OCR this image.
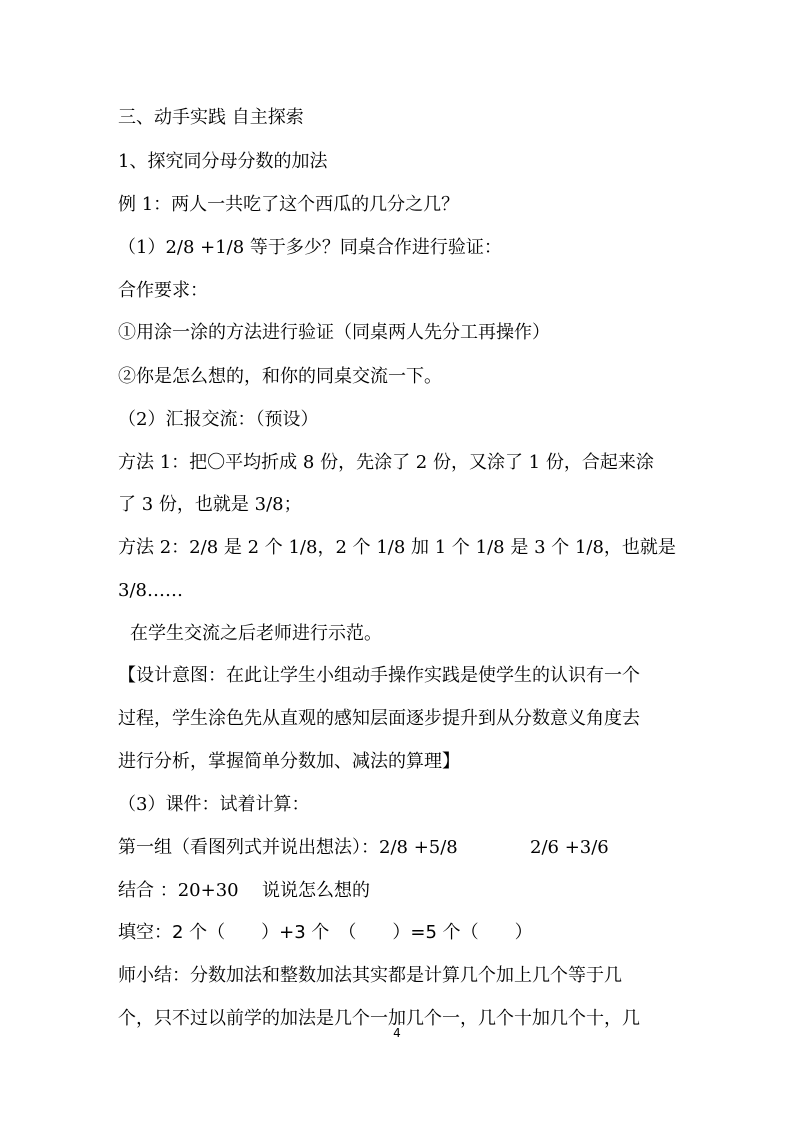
三、动手实践 自主探索
1、探究同分母分数的加法
例 1：两人一共吃了这个西瓜的几分之几？
（1）2/8 +1/8 等于多少？同桌合作进行验证：
合作要求：
①用涂一涂的方法进行验证（同桌两人先分工再操作）
②你是怎么想的，和你的同桌交流一下。
（2）汇报交流：（预设）
方法 1：把〇平均折成 8 份，先涂了 2 份，又涂了 1 份，合起来涂
了 3 份，也就是 3/8；
方法 2：2/8 是 2 个 1/8，2 个 1/8 加 1 个 1/8 是 3 个 1/8，也就是
3/8……
在学生交流之后老师进行示范。
【设计意图：在此让学生小组动手操作实践是使学生的认识有一个
过程，学生涂色先从直观的感知层面逐步提升到从分数意义角度去
进行分析，掌握简单分数加、减法的算理】
（3）课件：试着计算：
第一组（看图列式并说出想法）：2/8 +5/8	2/6 +3/6
结合 ：20+30 说说怎么想的
填空：2 个（　　）+3 个　（　　）=5 个（　　）
师小结：分数加法和整数加法其实都是计算几个加上几个等于几
个，只不过以前学的加法是几个一加几个一，几个十加几个十，几
4
